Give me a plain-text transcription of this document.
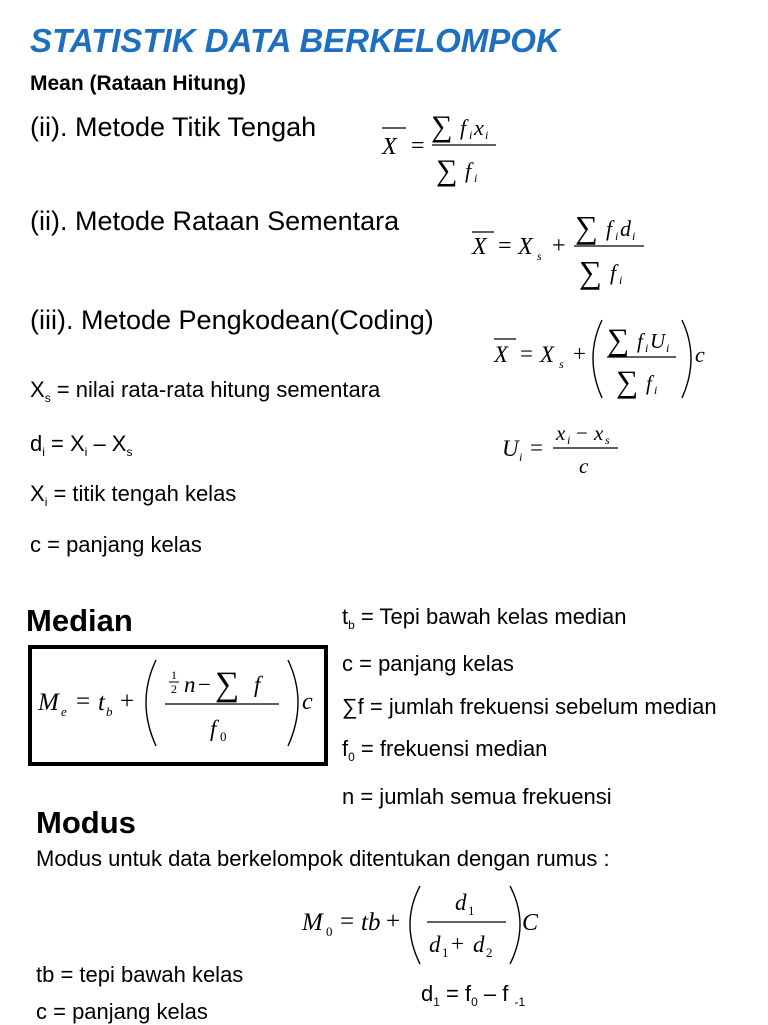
STATISTIK DATA BERKELOMPOK
Mean (Rataan Hitung)
(ii). Metode Titik Tengah
(ii). Metode Rataan Sementara
(iii). Metode Pengkodean(Coding)
X =
∑ f i x i
∑ f i
X = X s +
∑ f i d i
∑ f i
X = X s + ∑ f i U i
∑ f i
c
U i =
x i − x s
c
$X_s$ = nilai rata-rata hitung sementara
$d_i = X_i - X_s$
$X_i$ = titik tengah kelas
c = panjang kelas
Median
M e = t b +
1
2 n − ∑ f
f 0
c
$t_b$ = Tepi bawah kelas median
c = panjang kelas
∑f = jumlah frekuensi sebelum median
$f_0$ = frekuensi median
n = jumlah semua frekuensi
Modus
Modus untuk data berkelompok ditentukan dengan rumus :
M 0 = tb +
d 1
d 1 + d 2
C
tb = tepi bawah kelas
c = panjang kelas
$d_1 = f_0 - f$ $_{-1}$
